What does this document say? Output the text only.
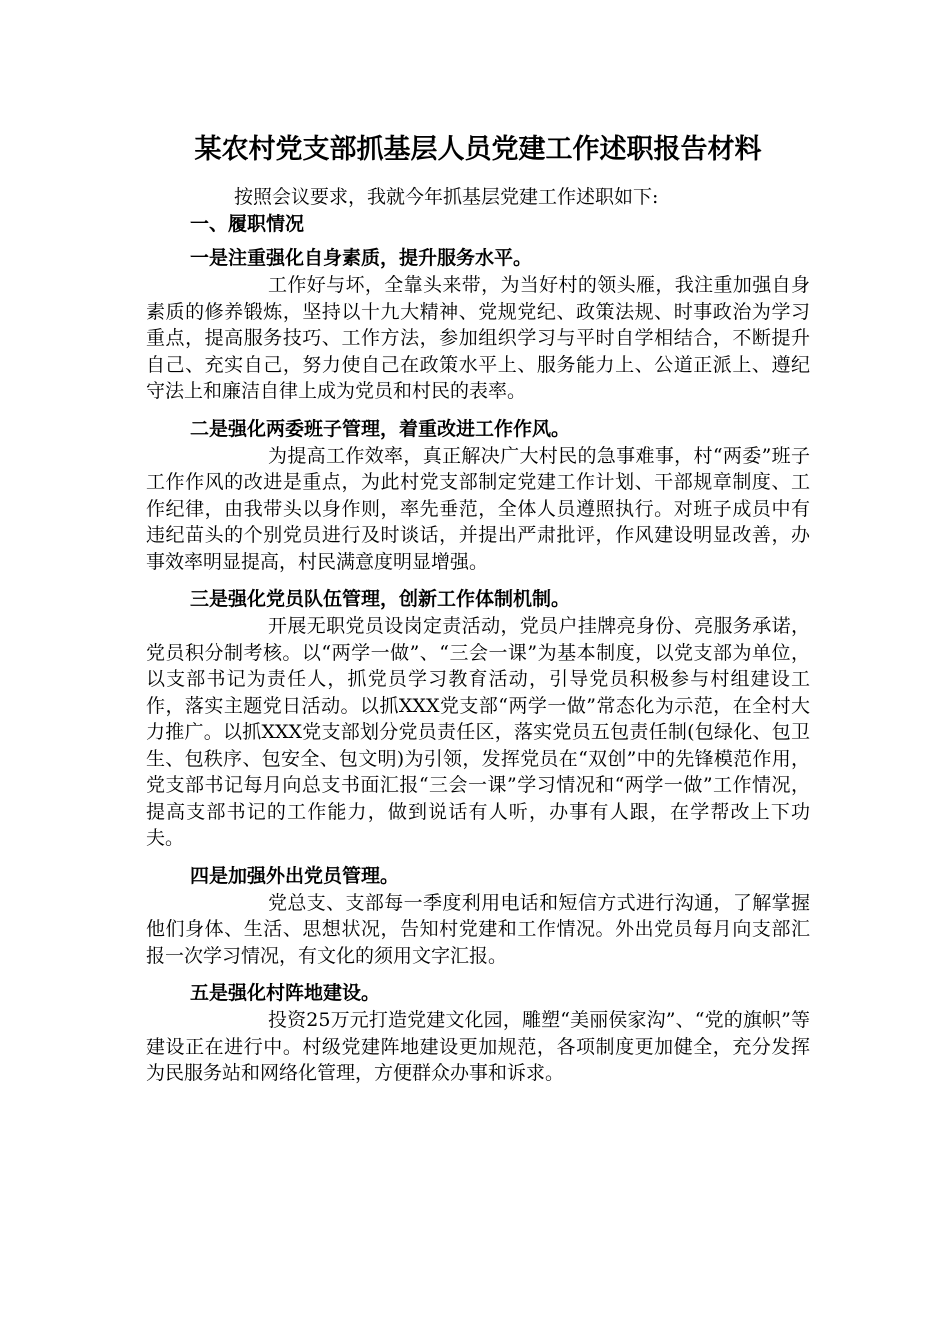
某农村党支部抓基层人员党建工作述职报告材料

按照会议要求，我就今年抓基层党建工作述职如下:

一、履职情况
一是注重强化自身素质，提升服务水平。

工作好与坏，全靠头来带，为当好村的领头雁，我注重加强自身素质的修养锻炼，坚持以十九大精神、党规党纪、政策法规、时事政治为学习重点，提高服务技巧、工作方法，参加组织学习与平时自学相结合，不断提升自己、充实自己，努力使自己在政策水平上、服务能力上、公道正派上、遵纪守法上和廉洁自律上成为党员和村民的表率。

二是强化两委班子管理，着重改进工作作风。

为提高工作效率，真正解决广大村民的急事难事，村“两委”班子工作作风的改进是重点，为此村党支部制定党建工作计划、干部规章制度、工作纪律，由我带头以身作则，率先垂范，全体人员遵照执行。对班子成员中有违纪苗头的个别党员进行及时谈话，并提出严肃批评，作风建设明显改善，办事效率明显提高，村民满意度明显增强。

三是强化党员队伍管理，创新工作体制机制。

开展无职党员设岗定责活动，党员户挂牌亮身份、亮服务承诺，党员积分制考核。以“两学一做”、“三会一课”为基本制度，以党支部为单位，以支部书记为责任人，抓党员学习教育活动，引导党员积极参与村组建设工作，落实主题党日活动。以抓XXX党支部“两学一做”常态化为示范，在全村大力推广。以抓XXX党支部划分党员责任区，落实党员五包责任制(包绿化、包卫生、包秩序、包安全、包文明)为引领，发挥党员在“双创”中的先锋模范作用，党支部书记每月向总支书面汇报“三会一课”学习情况和“两学一做”工作情况，提高支部书记的工作能力，做到说话有人听，办事有人跟，在学帮改上下功夫。

四是加强外出党员管理。

党总支、支部每一季度利用电话和短信方式进行沟通，了解掌握他们身体、生活、思想状况，告知村党建和工作情况。外出党员每月向支部汇报一次学习情况，有文化的须用文字汇报。

五是强化村阵地建设。

投资25万元打造党建文化园，雕塑“美丽侯家沟”、“党的旗帜”等建设正在进行中。村级党建阵地建设更加规范，各项制度更加健全，充分发挥为民服务站和网络化管理，方便群众办事和诉求。
